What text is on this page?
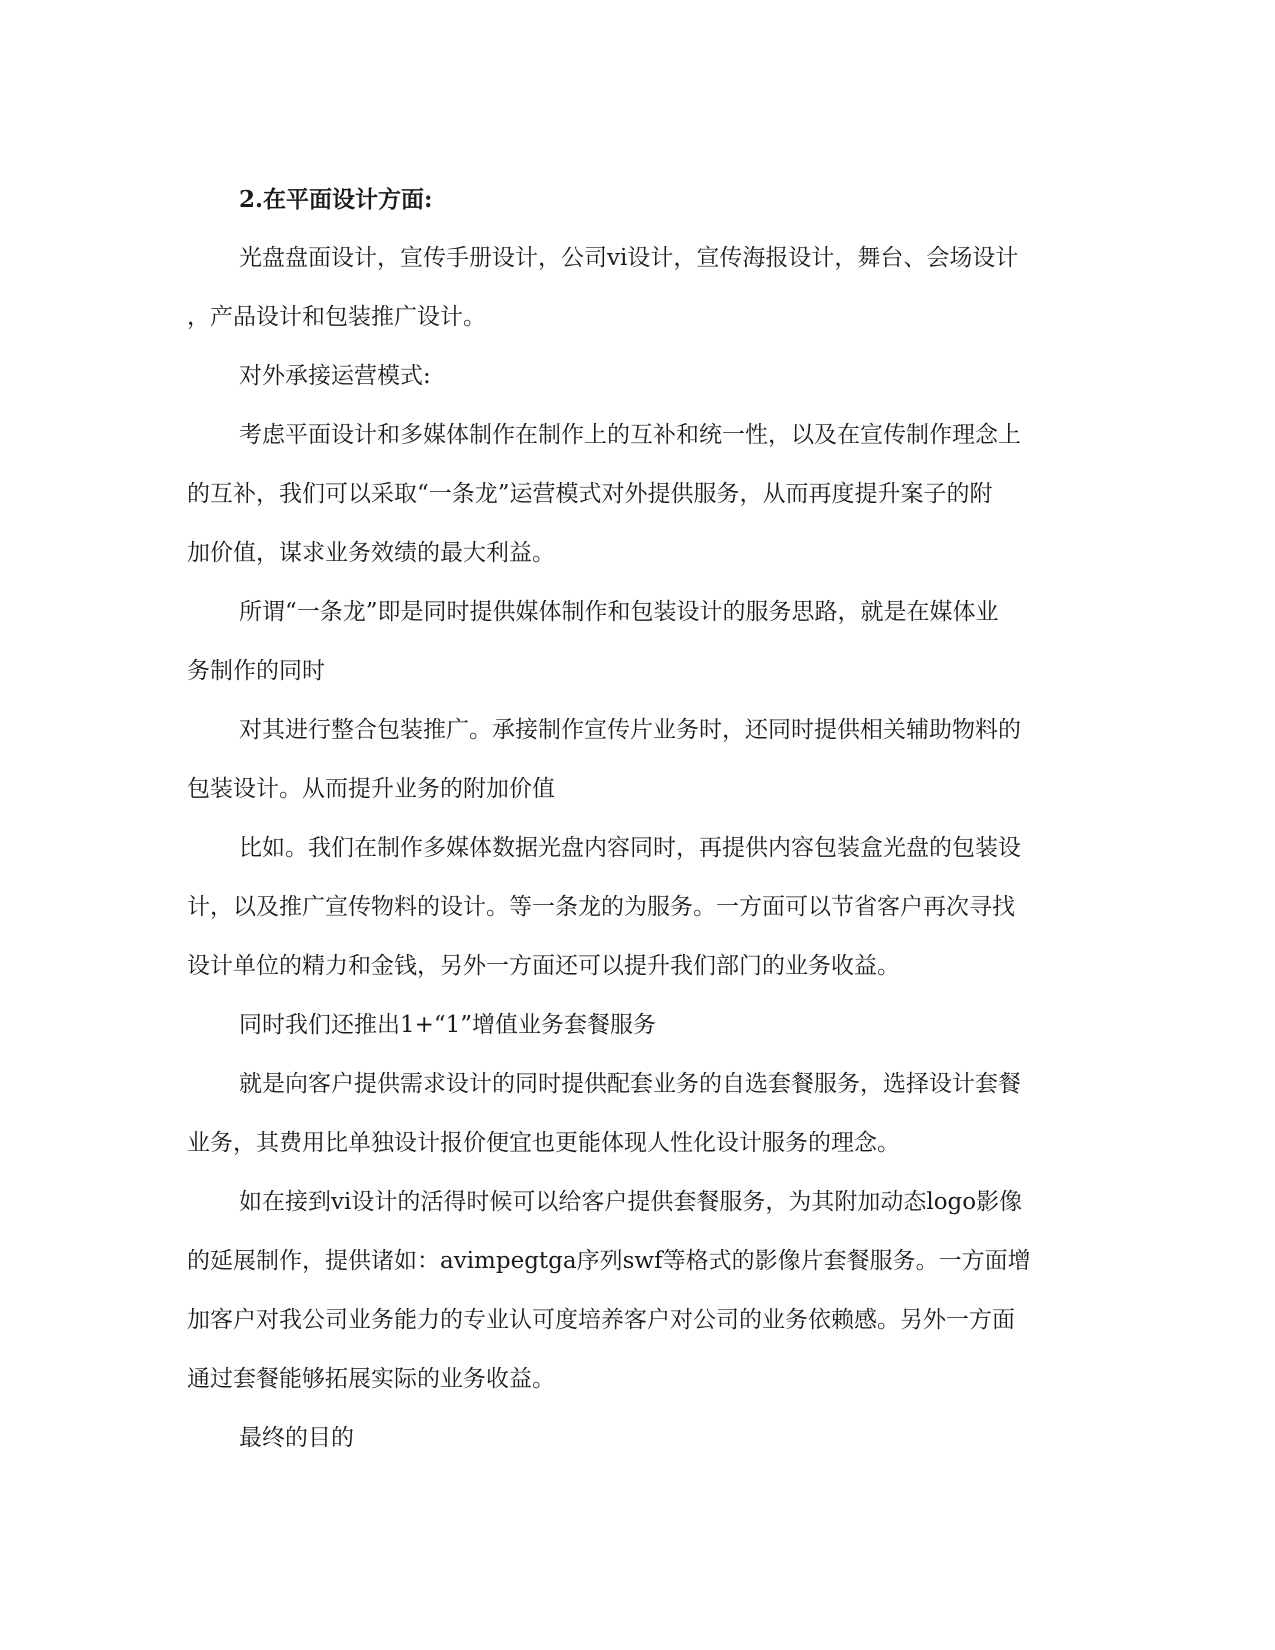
2.在平面设计方面:

光盘盘面设计，宣传手册设计，公司vi设计，宣传海报设计，舞台、会场设计

，产品设计和包装推广设计。

对外承接运营模式:

考虑平面设计和多媒体制作在制作上的互补和统一性，以及在宣传制作理念上

的互补，我们可以采取“一条龙”运营模式对外提供服务，从而再度提升案子的附

加价值，谋求业务效绩的最大利益。

所谓“一条龙”即是同时提供媒体制作和包装设计的服务思路，就是在媒体业

务制作的同时

对其进行整合包装推广。承接制作宣传片业务时，还同时提供相关辅助物料的

包装设计。从而提升业务的附加价值

比如。我们在制作多媒体数据光盘内容同时，再提供内容包装盒光盘的包装设

计，以及推广宣传物料的设计。等一条龙的为服务。一方面可以节省客户再次寻找

设计单位的精力和金钱，另外一方面还可以提升我们部门的业务收益。

同时我们还推出1+“1”增值业务套餐服务

就是向客户提供需求设计的同时提供配套业务的自选套餐服务，选择设计套餐

业务，其费用比单独设计报价便宜也更能体现人性化设计服务的理念。

如在接到vi设计的活得时候可以给客户提供套餐服务，为其附加动态logo影像

的延展制作，提供诸如：avimpegtga序列swf等格式的影像片套餐服务。一方面增

加客户对我公司业务能力的专业认可度培养客户对公司的业务依赖感。另外一方面

通过套餐能够拓展实际的业务收益。

最终的目的
